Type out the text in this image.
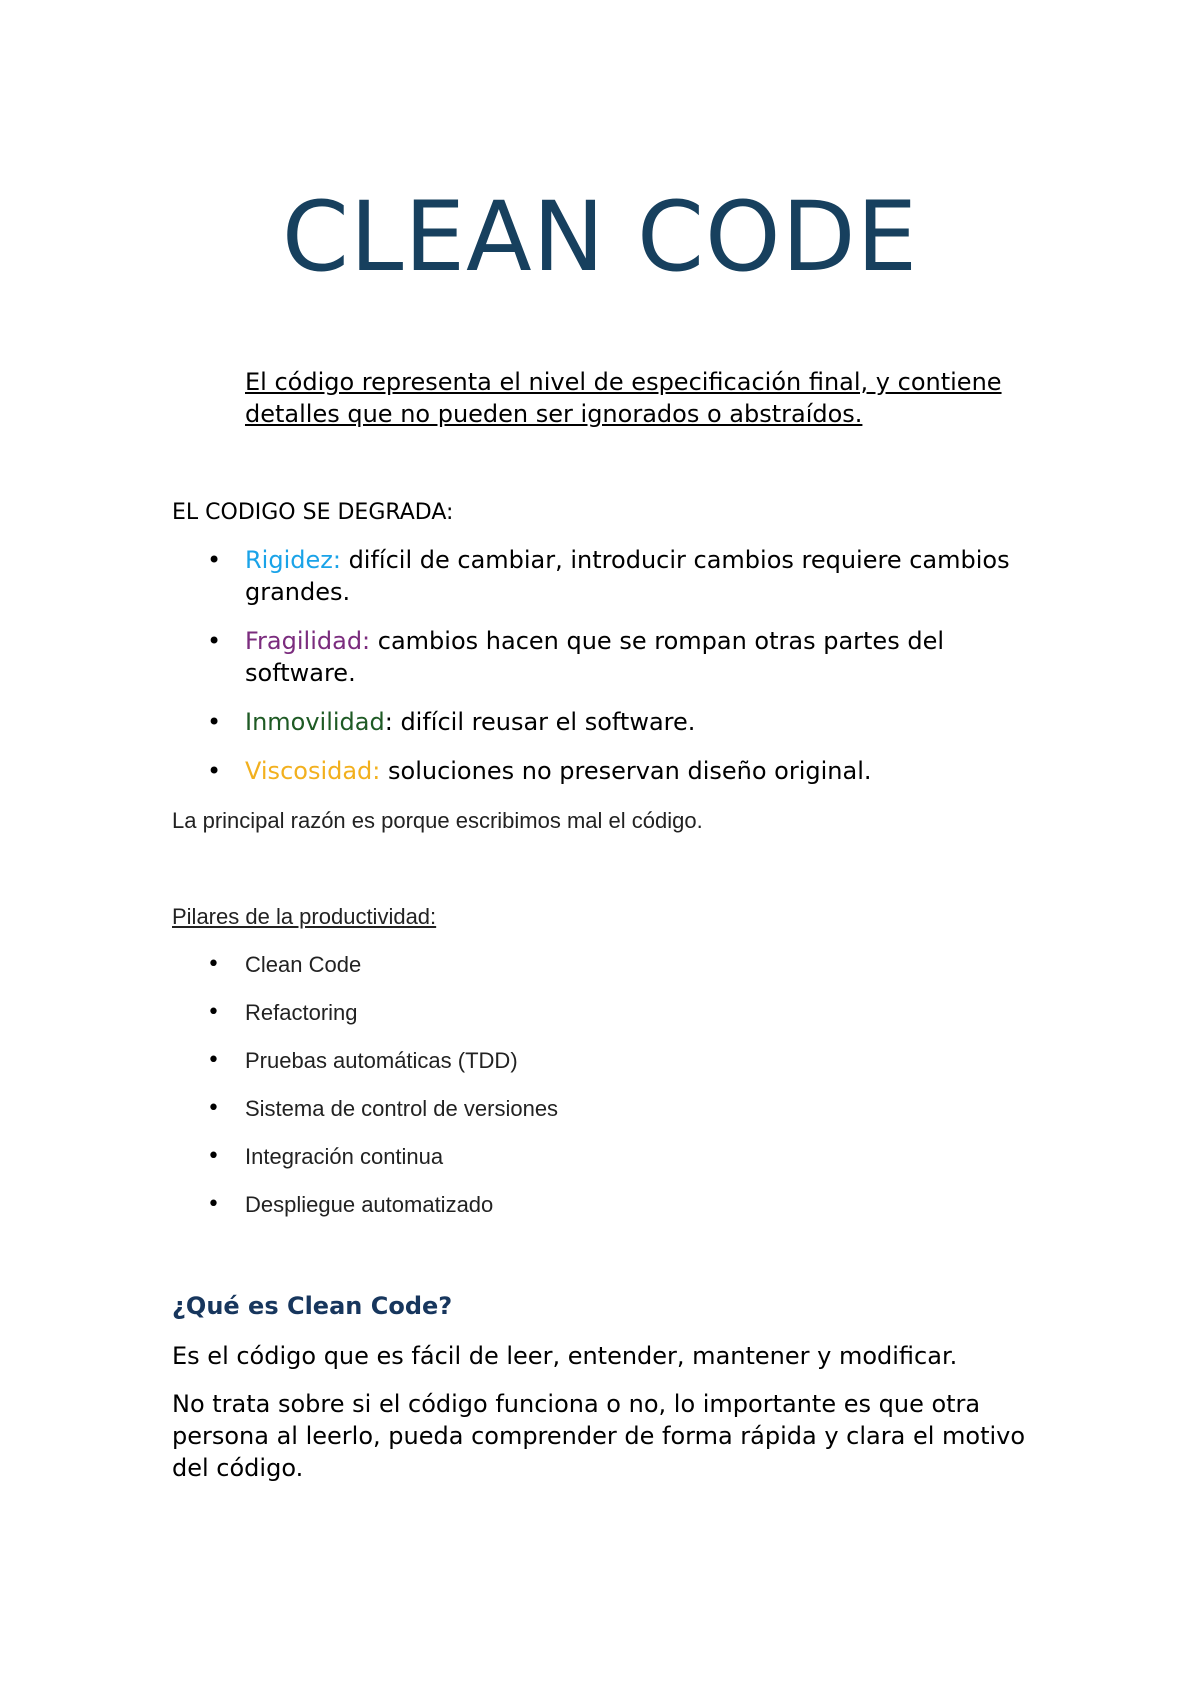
CLEAN CODE
El código representa el nivel de especificación final, y contiene detalles que no pueden ser ignorados o abstraídos.
EL CODIGO SE DEGRADA:
• Rigidez: difícil de cambiar, introducir cambios requiere cambios grandes.
• Fragilidad: cambios hacen que se rompan otras partes del software.
• Inmovilidad: difícil reusar el software.
• Viscosidad: soluciones no preservan diseño original.
La principal razón es porque escribimos mal el código.
Pilares de la productividad:
• Clean Code
• Refactoring
• Pruebas automáticas (TDD)
• Sistema de control de versiones
• Integración continua
• Despliegue automatizado
¿Qué es Clean Code?
Es el código que es fácil de leer, entender, mantener y modificar.
No trata sobre si el código funciona o no, lo importante es que otra persona al leerlo, pueda comprender de forma rápida y clara el motivo del código.
